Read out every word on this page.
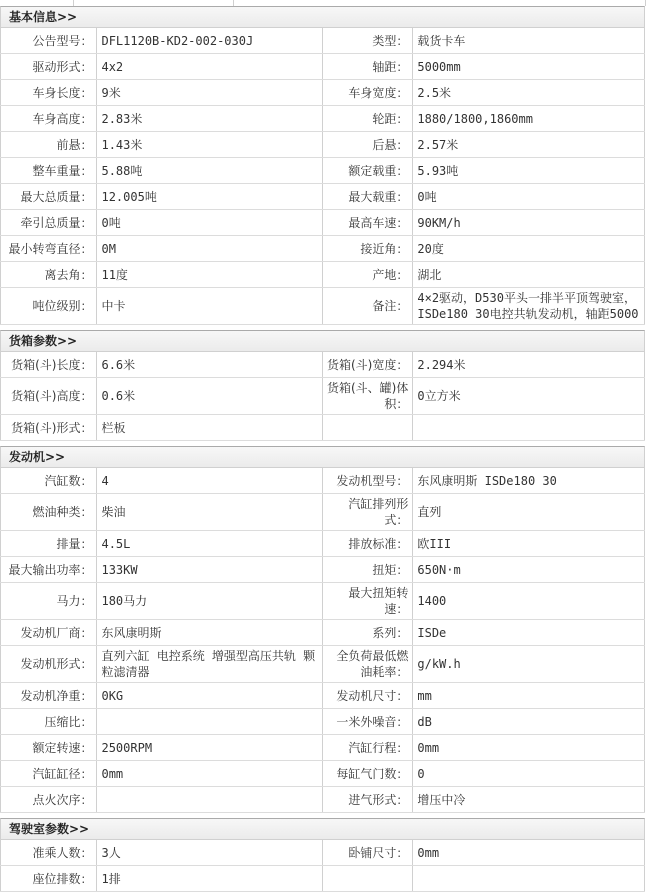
基本信息>>
公告型号：	DFL1120B-KD2-002-030J	类型：	载货卡车
驱动形式：	4x2	轴距：	5000mm
车身长度：	9米	车身宽度：	2.5米
车身高度：	2.83米	轮距：	1880/1800,1860mm
前悬：	1.43米	后悬：	2.57米
整车重量：	5.88吨	额定载重：	5.93吨
最大总质量：	12.005吨	最大载重：	0吨
牵引总质量：	0吨	最高车速：	90KM/h
最小转弯直径：	0M	接近角：	20度
离去角：	11度	产地：	湖北
吨位级别：	中卡	备注：	4×2驱动，D530平头一排半平顶驾驶室，ISDe180 30电控共轨发动机，轴距5000
货箱参数>>
货箱(斗)长度：	6.6米	货箱(斗)宽度：	2.294米
货箱(斗)高度：	0.6米	货箱(斗、罐)体积：	0立方米
货箱(斗)形式：	栏板		
发动机>>
汽缸数：	4	发动机型号：	东风康明斯 ISDe180 30
燃油种类：	柴油	汽缸排列形式：	直列
排量：	4.5L	排放标准：	欧III
最大输出功率：	133KW	扭矩：	650N·m
马力：	180马力	最大扭矩转速：	1400
发动机厂商：	东风康明斯	系列：	ISDe
发动机形式：	直列六缸 电控系统 增强型高压共轨 颗粒滤清器	全负荷最低燃油耗率：	g/kW.h
发动机净重：	0KG	发动机尺寸：	mm
压缩比：		一米外噪音：	dB
额定转速：	2500RPM	汽缸行程：	0mm
汽缸缸径：	0mm	每缸气门数：	0
点火次序：		进气形式：	增压中冷
驾驶室参数>>
准乘人数：	3人	卧铺尺寸：	0mm
座位排数：	1排		
